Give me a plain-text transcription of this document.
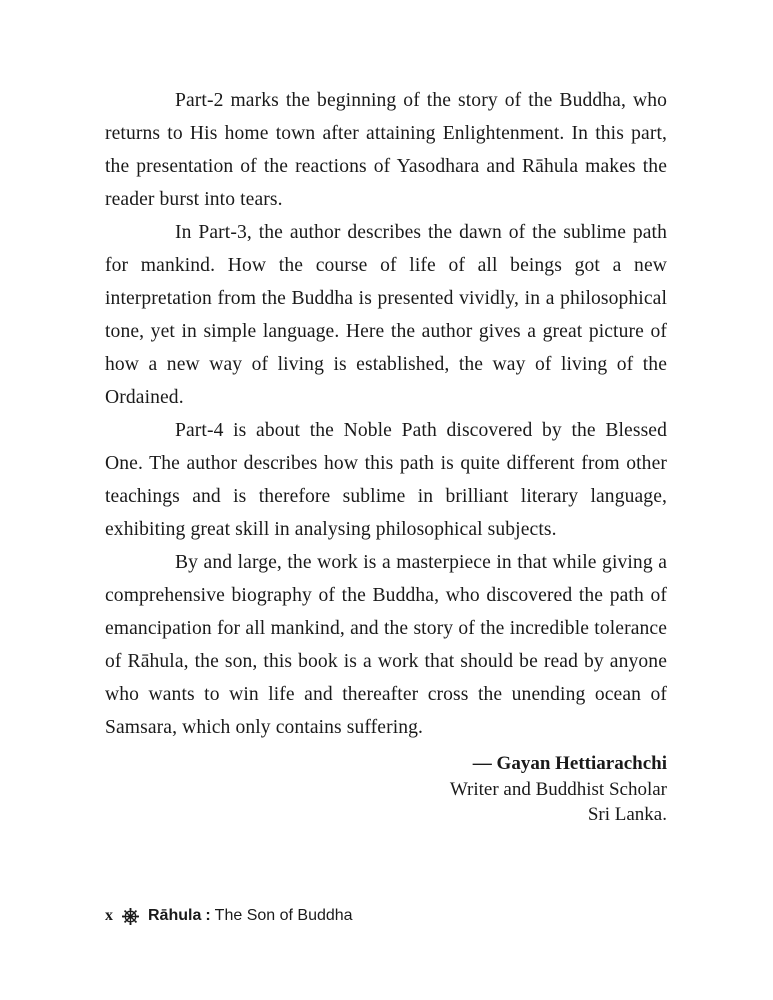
Part-2 marks the beginning of the story of the Buddha, who returns to His home town after attaining Enlightenment. In this part, the presentation of the reactions of Yasodhara and Rāhula makes the reader burst into tears.

In Part-3, the author describes the dawn of the sublime path for mankind. How the course of life of all beings got a new interpretation from the Buddha is presented vividly, in a philosophical tone, yet in simple language. Here the author gives a great picture of how a new way of living is established, the way of living of the Ordained.

Part-4 is about the Noble Path discovered by the Blessed One. The author describes how this path is quite different from other teachings and is therefore sublime in brilliant literary language, exhibiting great skill in analysing philosophical subjects.

By and large, the work is a masterpiece in that while giving a comprehensive biography of the Buddha, who discovered the path of emancipation for all mankind, and the story of the incredible tolerance of Rāhula, the son, this book is a work that should be read by anyone who wants to win life and thereafter cross the unending ocean of Samsara, which only contains suffering.

— Gayan Hettiarachchi
Writer and Buddhist Scholar
Sri Lanka.
x Rāhula : The Son of Buddha
